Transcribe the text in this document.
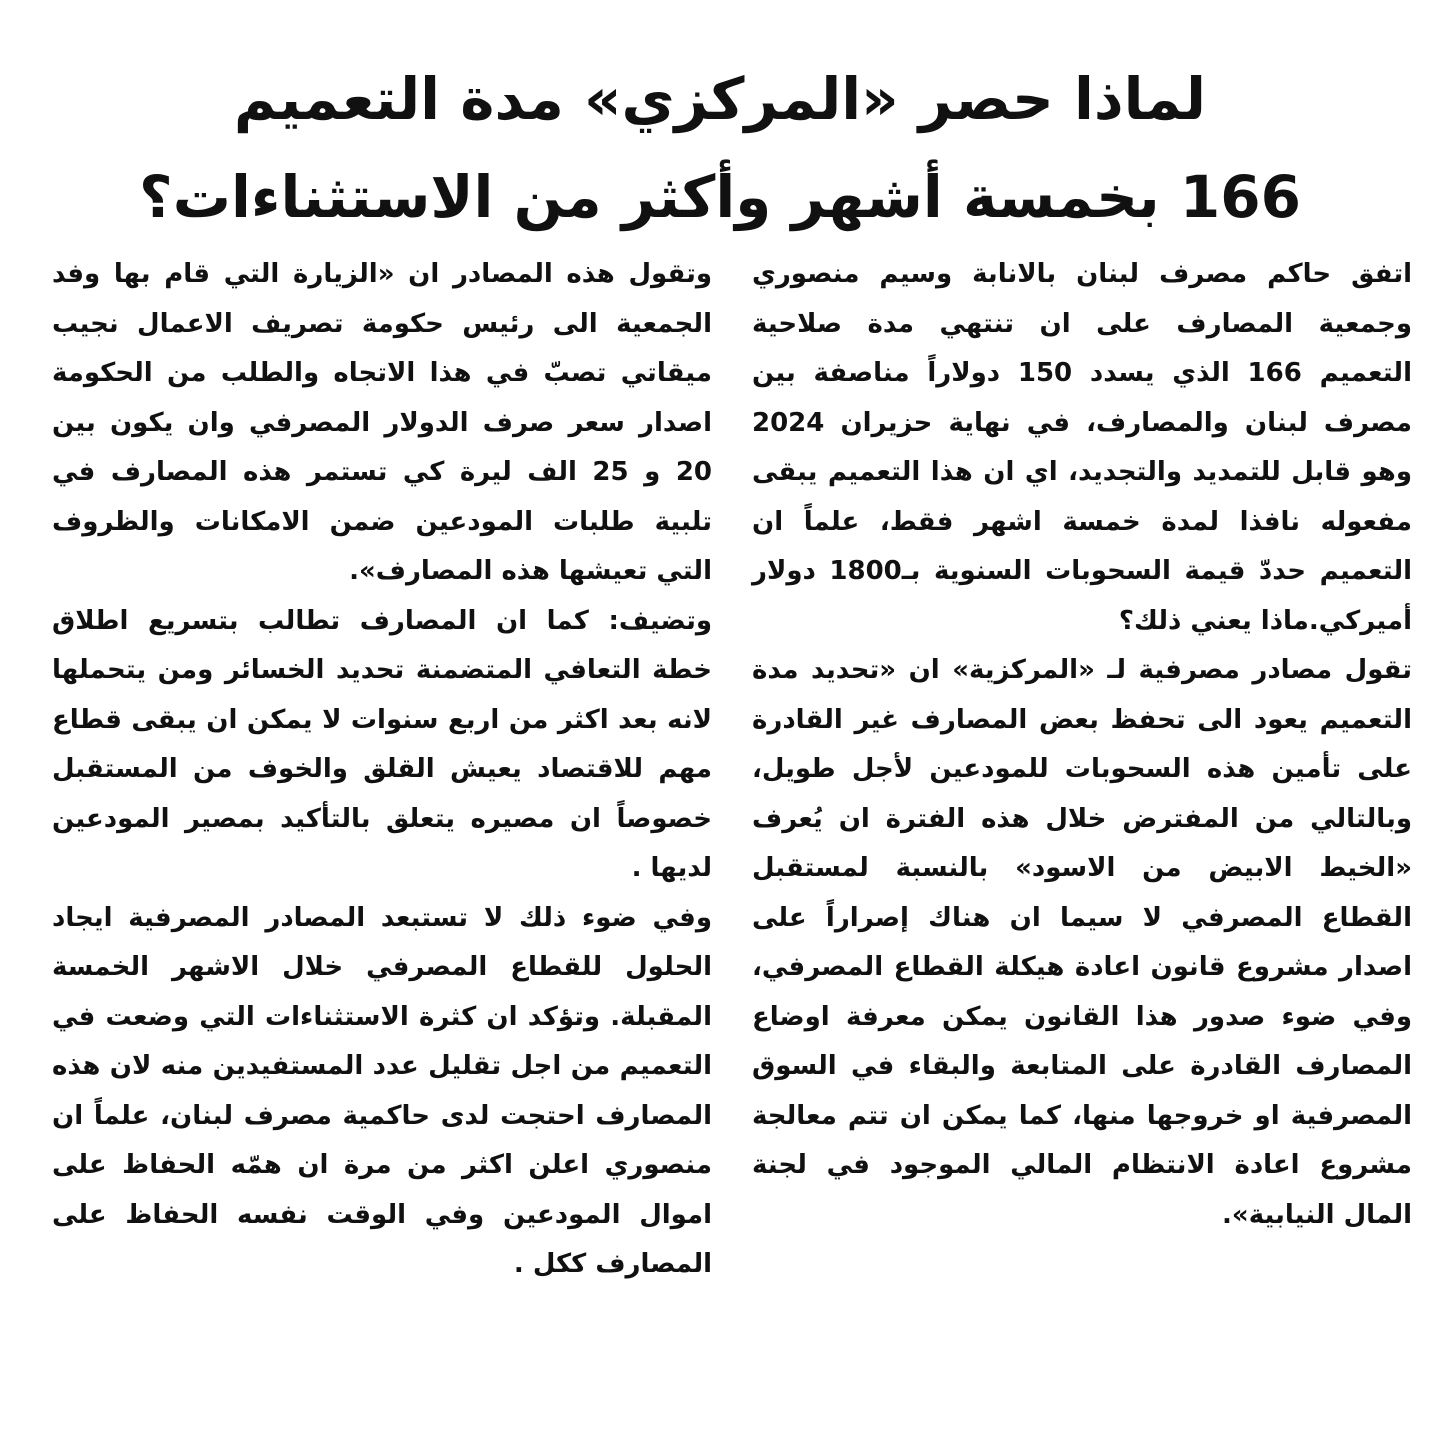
لماذا حصر «المركزي» مدة التعميم
166 بخمسة أشهر وأكثر من الاستثناءات؟

اتفق حاكم مصرف لبنان بالانابة وسيم منصوري وجمعية المصارف على ان تنتهي مدة صلاحية التعميم 166 الذي يسدد 150 دولاراً مناصفة بين مصرف لبنان والمصارف، في نهاية حزيران 2024 وهو قابل للتمديد والتجديد، اي ان هذا التعميم يبقى مفعوله نافذا لمدة خمسة اشهر فقط، علماً ان التعميم حددّ قيمة السحوبات السنوية بـ1800 دولار أميركي.ماذا يعني ذلك؟

تقول مصادر مصرفية لـ «المركزية» ان «تحديد مدة التعميم يعود الى تحفظ بعض المصارف غير القادرة على تأمين هذه السحوبات للمودعين لأجل طويل، وبالتالي من المفترض خلال هذه الفترة ان يُعرف «الخيط الابيض من الاسود» بالنسبة لمستقبل القطاع المصرفي لا سيما ان هناك إصراراً على اصدار مشروع قانون اعادة هيكلة القطاع المصرفي، وفي ضوء صدور هذا القانون يمكن معرفة اوضاع المصارف القادرة على المتابعة والبقاء في السوق المصرفية او خروجها منها، كما يمكن ان تتم معالجة مشروع اعادة الانتظام المالي الموجود في لجنة المال النيابية».

وتقول هذه المصادر ان «الزيارة التي قام بها وفد الجمعية الى رئيس حكومة تصريف الاعمال نجيب ميقاتي تصبّ في هذا الاتجاه والطلب من الحكومة اصدار سعر صرف الدولار المصرفي وان يكون بين 20 و 25 الف ليرة كي تستمر هذه المصارف في تلبية طلبات المودعين ضمن الامكانات والظروف التي تعيشها هذه المصارف».

وتضيف: كما ان المصارف تطالب بتسريع اطلاق خطة التعافي المتضمنة تحديد الخسائر ومن يتحملها لانه بعد اكثر من اربع سنوات لا يمكن ان يبقى قطاع مهم للاقتصاد يعيش القلق والخوف من المستقبل خصوصاً ان مصيره يتعلق بالتأكيد بمصير المودعين لديها .

وفي ضوء ذلك لا تستبعد المصادر المصرفية ايجاد الحلول للقطاع المصرفي خلال الاشهر الخمسة المقبلة. وتؤكد ان كثرة الاستثناءات التي وضعت في التعميم من اجل تقليل عدد المستفيدين منه لان هذه المصارف احتجت لدى حاكمية مصرف لبنان، علماً ان منصوري اعلن اكثر من مرة ان همّه الحفاظ على اموال المودعين وفي الوقت نفسه الحفاظ على المصارف ككل .
